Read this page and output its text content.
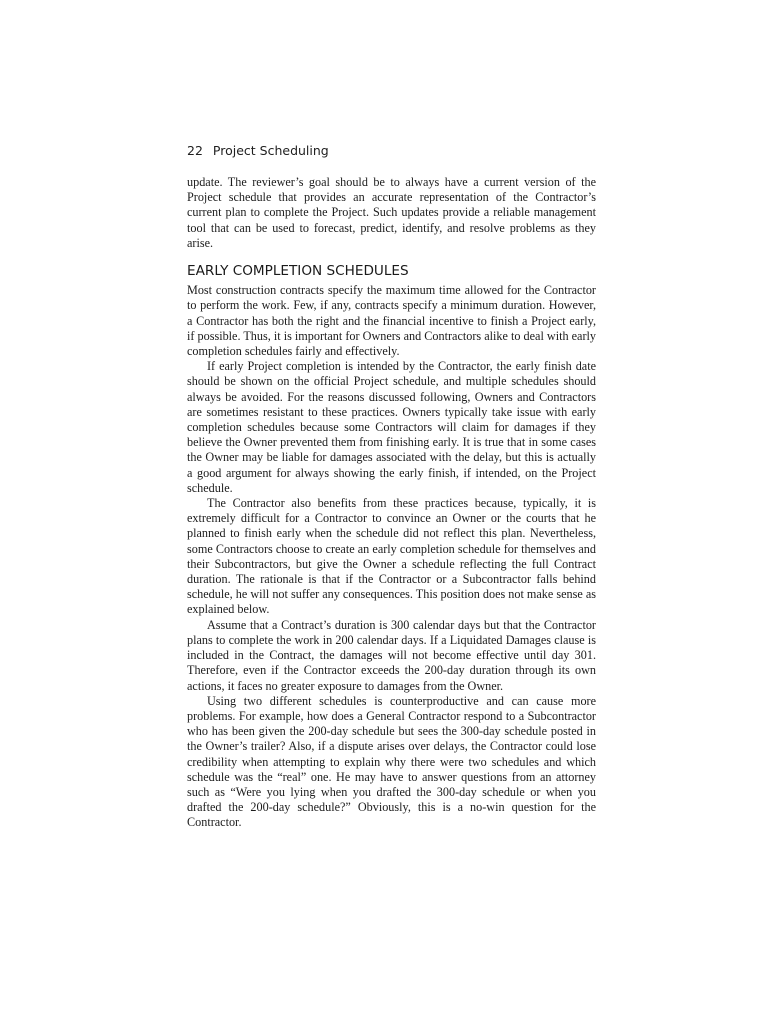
22 Project Scheduling

update. The reviewer’s goal should be to always have a current version of the Project schedule that provides an accurate representation of the Contractor’s current plan to complete the Project. Such updates provide a reliable management tool that can be used to forecast, predict, identify, and resolve problems as they arise.

EARLY COMPLETION SCHEDULES

Most construction contracts specify the maximum time allowed for the Contractor to perform the work. Few, if any, contracts specify a minimum duration. However, a Contractor has both the right and the financial incentive to finish a Project early, if possible. Thus, it is important for Owners and Contractors alike to deal with early completion schedules fairly and effectively.

If early Project completion is intended by the Contractor, the early finish date should be shown on the official Project schedule, and multiple schedules should always be avoided. For the reasons discussed following, Owners and Contractors are sometimes resistant to these practices. Owners typically take issue with early completion schedules because some Contractors will claim for damages if they believe the Owner prevented them from finishing early. It is true that in some cases the Owner may be liable for damages associated with the delay, but this is actually a good argument for always showing the early finish, if intended, on the Project schedule.

The Contractor also benefits from these practices because, typically, it is extremely difficult for a Contractor to convince an Owner or the courts that he planned to finish early when the schedule did not reflect this plan. Nevertheless, some Contractors choose to create an early completion schedule for themselves and their Subcontractors, but give the Owner a schedule reflecting the full Contract duration. The rationale is that if the Contractor or a Subcontractor falls behind schedule, he will not suffer any consequences. This position does not make sense as explained below.

Assume that a Contract’s duration is 300 calendar days but that the Contractor plans to complete the work in 200 calendar days. If a Liquidated Damages clause is included in the Contract, the damages will not become effective until day 301. Therefore, even if the Contractor exceeds the 200-day duration through its own actions, it faces no greater exposure to damages from the Owner.

Using two different schedules is counterproductive and can cause more problems. For example, how does a General Contractor respond to a Subcontractor who has been given the 200-day schedule but sees the 300-day schedule posted in the Owner’s trailer? Also, if a dispute arises over delays, the Contractor could lose credibility when attempting to explain why there were two schedules and which schedule was the “real” one. He may have to answer questions from an attorney such as “Were you lying when you drafted the 300-day schedule or when you drafted the 200-day schedule?” Obviously, this is a no-win question for the Contractor.
